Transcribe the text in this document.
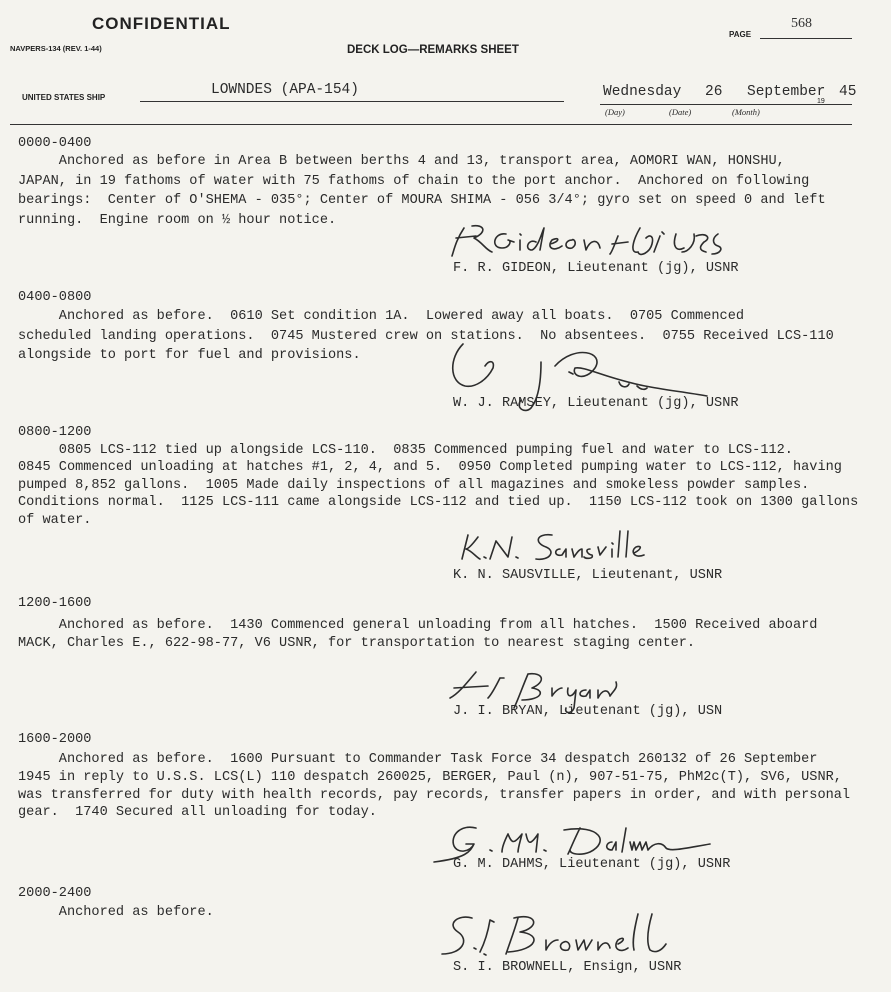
CONFIDENTIAL
NAVPERS-134 (REV. 1-44)	DECK LOG—REMARKS SHEET
PAGE
568
UNITED STATES SHIP	LOWNDES (APA-154)	Wednesday 26 September
19
45
(Day)	(Date)	(Month)
0000-0400
Anchored as before in Area B between berths 4 and 13, transport area, AOMORI WAN, HONSHU,
JAPAN, in 19 fathoms of water with 75 fathoms of chain to the port anchor.  Anchored on following
bearings:  Center of O'SHEMA - 035°; Center of MOURA SHIMA - 056 3/4°; gyro set on speed 0 and left
running.  Engine room on ½ hour notice.
F. R. GIDEON, Lieutenant (jg), USNR
0400-0800
Anchored as before.  0610 Set condition 1A.  Lowered away all boats.  0705 Commenced
scheduled landing operations.  0745 Mustered crew on stations.  No absentees.  0755 Received LCS-110
alongside to port for fuel and provisions.
W. J. RAMSEY, Lieutenant (jg), USNR
0800-1200
0805 LCS-112 tied up alongside LCS-110.  0835 Commenced pumping fuel and water to LCS-112.
0845 Commenced unloading at hatches #1, 2, 4, and 5.  0950 Completed pumping water to LCS-112, having
pumped 8,852 gallons.  1005 Made daily inspections of all magazines and smokeless powder samples.
Conditions normal.  1125 LCS-111 came alongside LCS-112 and tied up.  1150 LCS-112 took on 1300 gallons
of water.
K. N. SAUSVILLE, Lieutenant, USNR
1200-1600
Anchored as before.  1430 Commenced general unloading from all hatches.  1500 Received aboard
MACK, Charles E., 622-98-77, V6 USNR, for transportation to nearest staging center.
J. I. BRYAN, Lieutenant (jg), USN
1600-2000
Anchored as before.  1600 Pursuant to Commander Task Force 34 despatch 260132 of 26 September
1945 in reply to U.S.S. LCS(L) 110 despatch 260025, BERGER, Paul (n), 907-51-75, PhM2c(T), SV6, USNR,
was transferred for duty with health records, pay records, transfer papers in order, and with personal
gear.  1740 Secured all unloading for today.
G. M. DAHMS, Lieutenant (jg), USNR
2000-2400
Anchored as before.
S. I. BROWNELL, Ensign, USNR
